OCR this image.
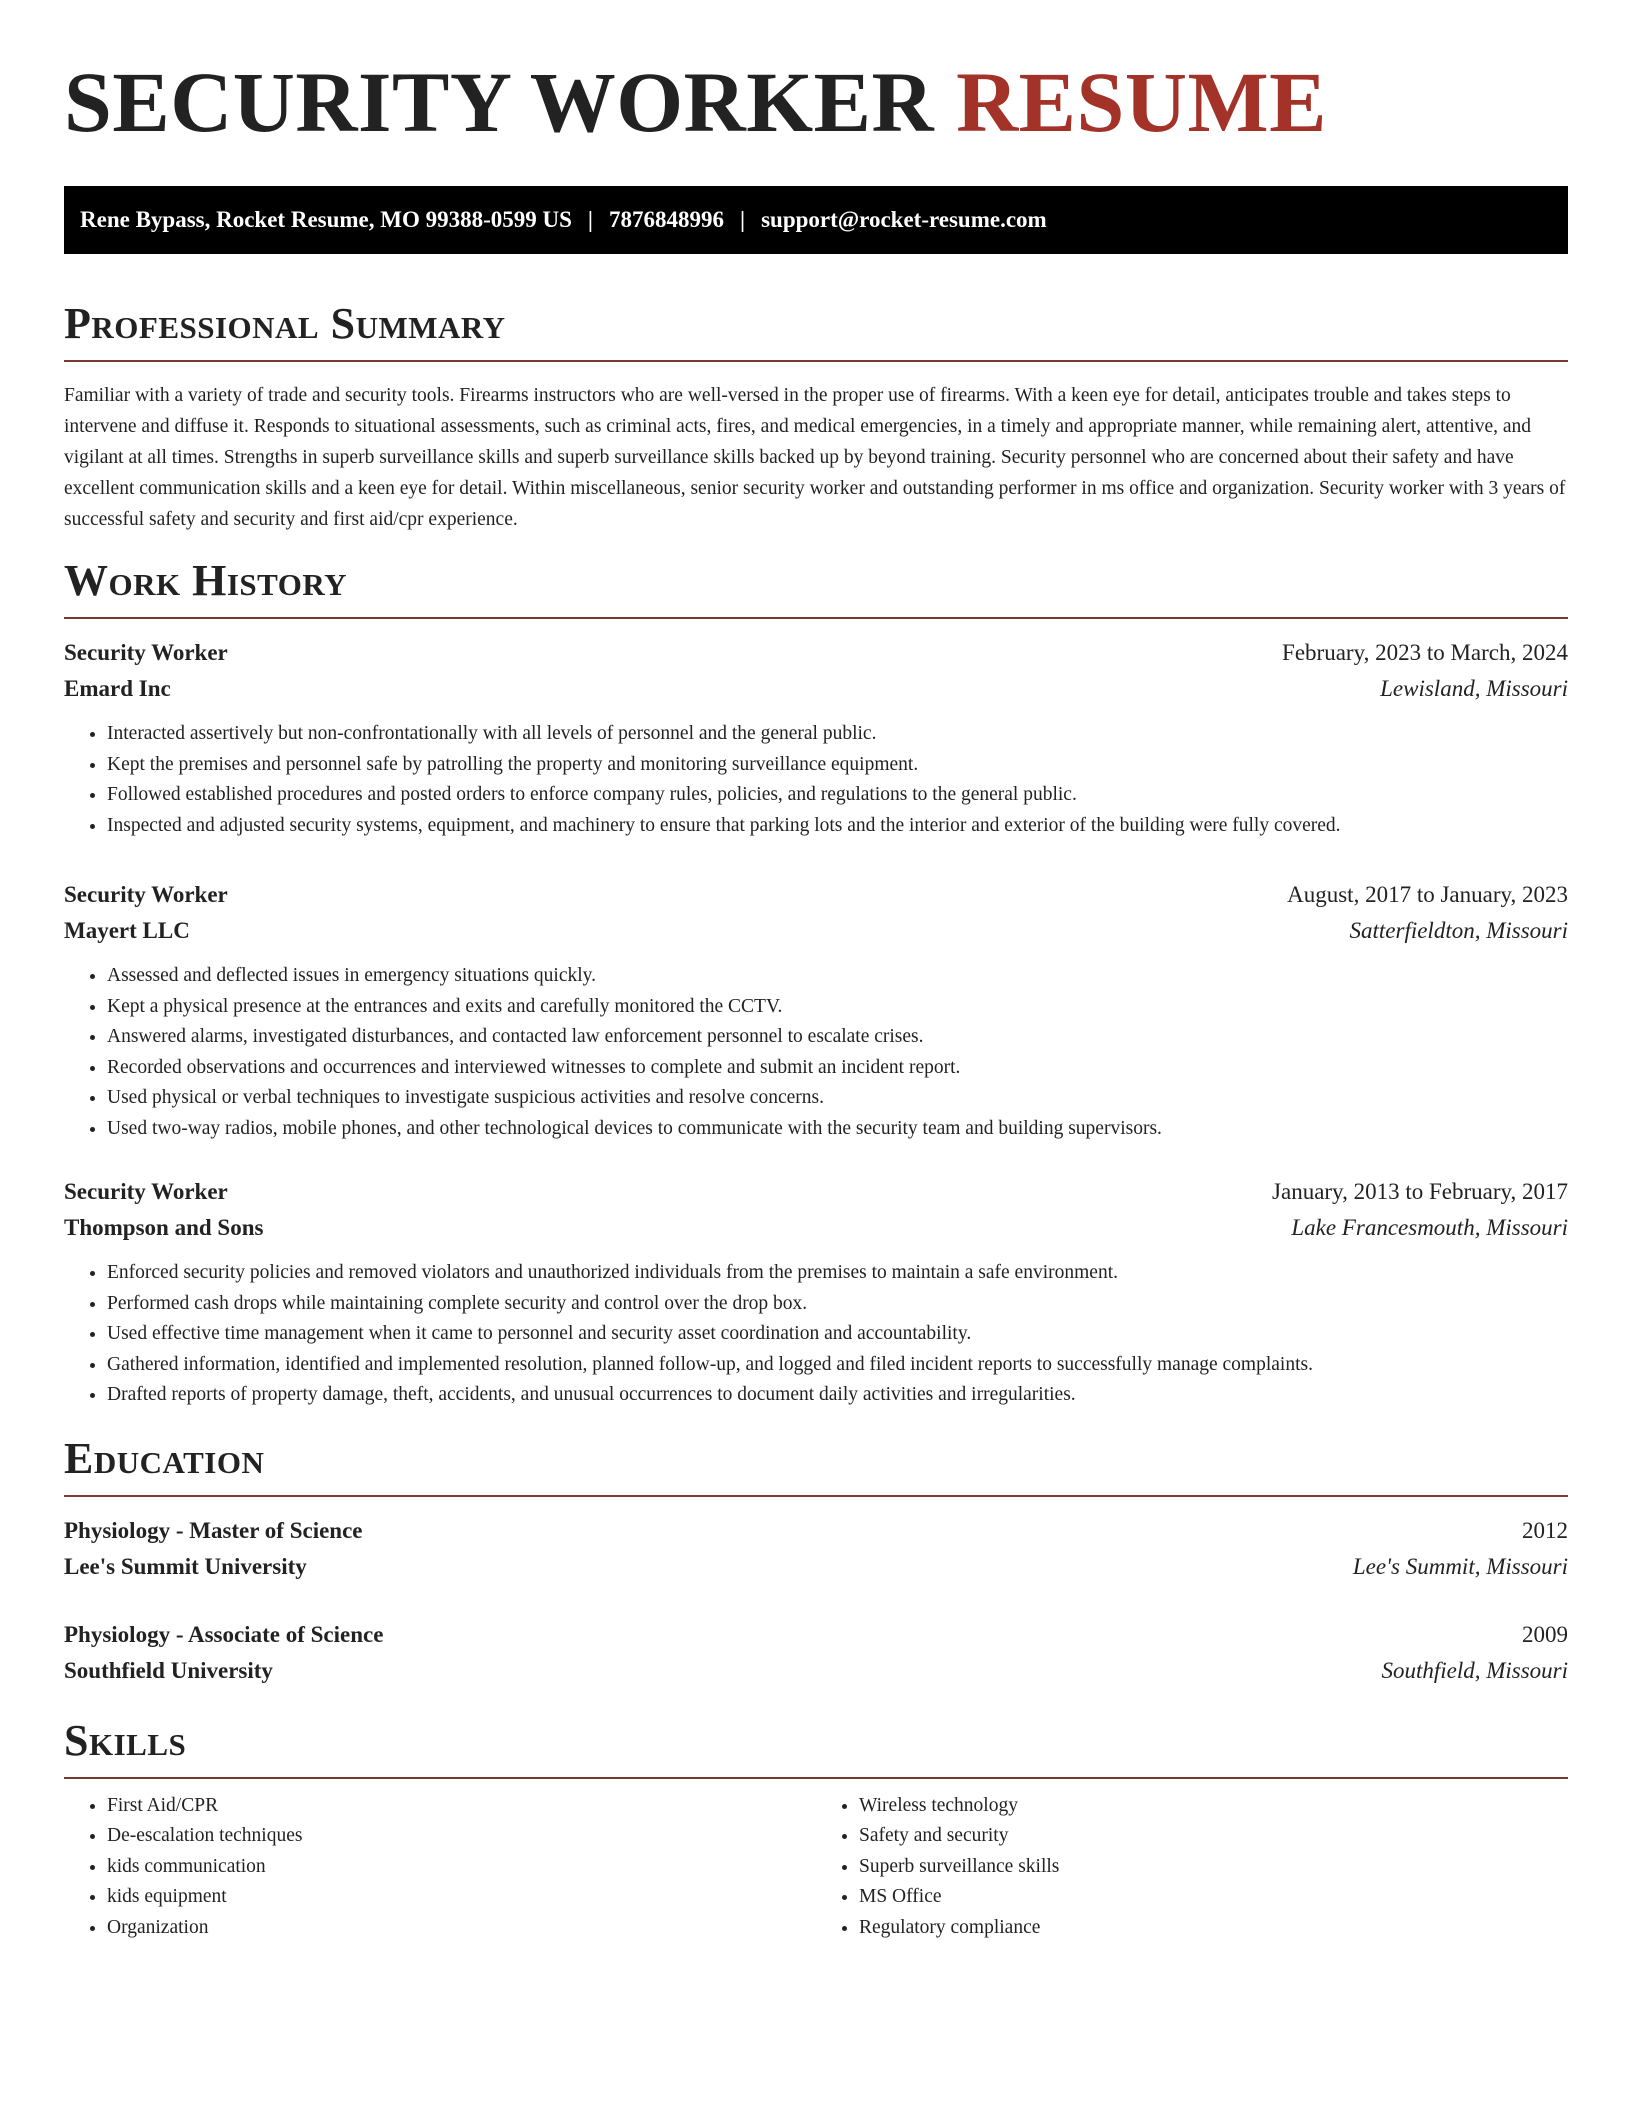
SECURITY WORKER RESUME
Rene Bypass, Rocket Resume, MO 99388-0599 US | 7876848996 | support@rocket-resume.com
Professional Summary

Familiar with a variety of trade and security tools. Firearms instructors who are well-versed in the proper use of firearms. With a keen eye for detail, anticipates trouble and takes steps to intervene and diffuse it. Responds to situational assessments, such as criminal acts, fires, and medical emergencies, in a timely and appropriate manner, while remaining alert, attentive, and vigilant at all times. Strengths in superb surveillance skills and superb surveillance skills backed up by beyond training. Security personnel who are concerned about their safety and have excellent communication skills and a keen eye for detail. Within miscellaneous, senior security worker and outstanding performer in ms office and organization. Security worker with 3 years of successful safety and security and first aid/cpr experience.

Work History
Security Worker	February, 2023 to March, 2024
Emard Inc	Lewisland, Missouri
• Interacted assertively but non-confrontationally with all levels of personnel and the general public.
• Kept the premises and personnel safe by patrolling the property and monitoring surveillance equipment.
• Followed established procedures and posted orders to enforce company rules, policies, and regulations to the general public.
• Inspected and adjusted security systems, equipment, and machinery to ensure that parking lots and the interior and exterior of the building were fully covered.
Security Worker	August, 2017 to January, 2023
Mayert LLC	Satterfieldton, Missouri
• Assessed and deflected issues in emergency situations quickly.
• Kept a physical presence at the entrances and exits and carefully monitored the CCTV.
• Answered alarms, investigated disturbances, and contacted law enforcement personnel to escalate crises.
• Recorded observations and occurrences and interviewed witnesses to complete and submit an incident report.
• Used physical or verbal techniques to investigate suspicious activities and resolve concerns.
• Used two-way radios, mobile phones, and other technological devices to communicate with the security team and building supervisors.
Security Worker	January, 2013 to February, 2017
Thompson and Sons	Lake Francesmouth, Missouri
• Enforced security policies and removed violators and unauthorized individuals from the premises to maintain a safe environment.
• Performed cash drops while maintaining complete security and control over the drop box.
• Used effective time management when it came to personnel and security asset coordination and accountability.
• Gathered information, identified and implemented resolution, planned follow-up, and logged and filed incident reports to successfully manage complaints.
• Drafted reports of property damage, theft, accidents, and unusual occurrences to document daily activities and irregularities.
Education
Physiology - Master of Science	2012
Lee's Summit University	Lee's Summit, Missouri
Physiology - Associate of Science	2009
Southfield University	Southfield, Missouri
Skills
• First Aid/CPR
• De-escalation techniques
• kids communication
• kids equipment
• Organization
• Wireless technology
• Safety and security
• Superb surveillance skills
• MS Office
• Regulatory compliance
